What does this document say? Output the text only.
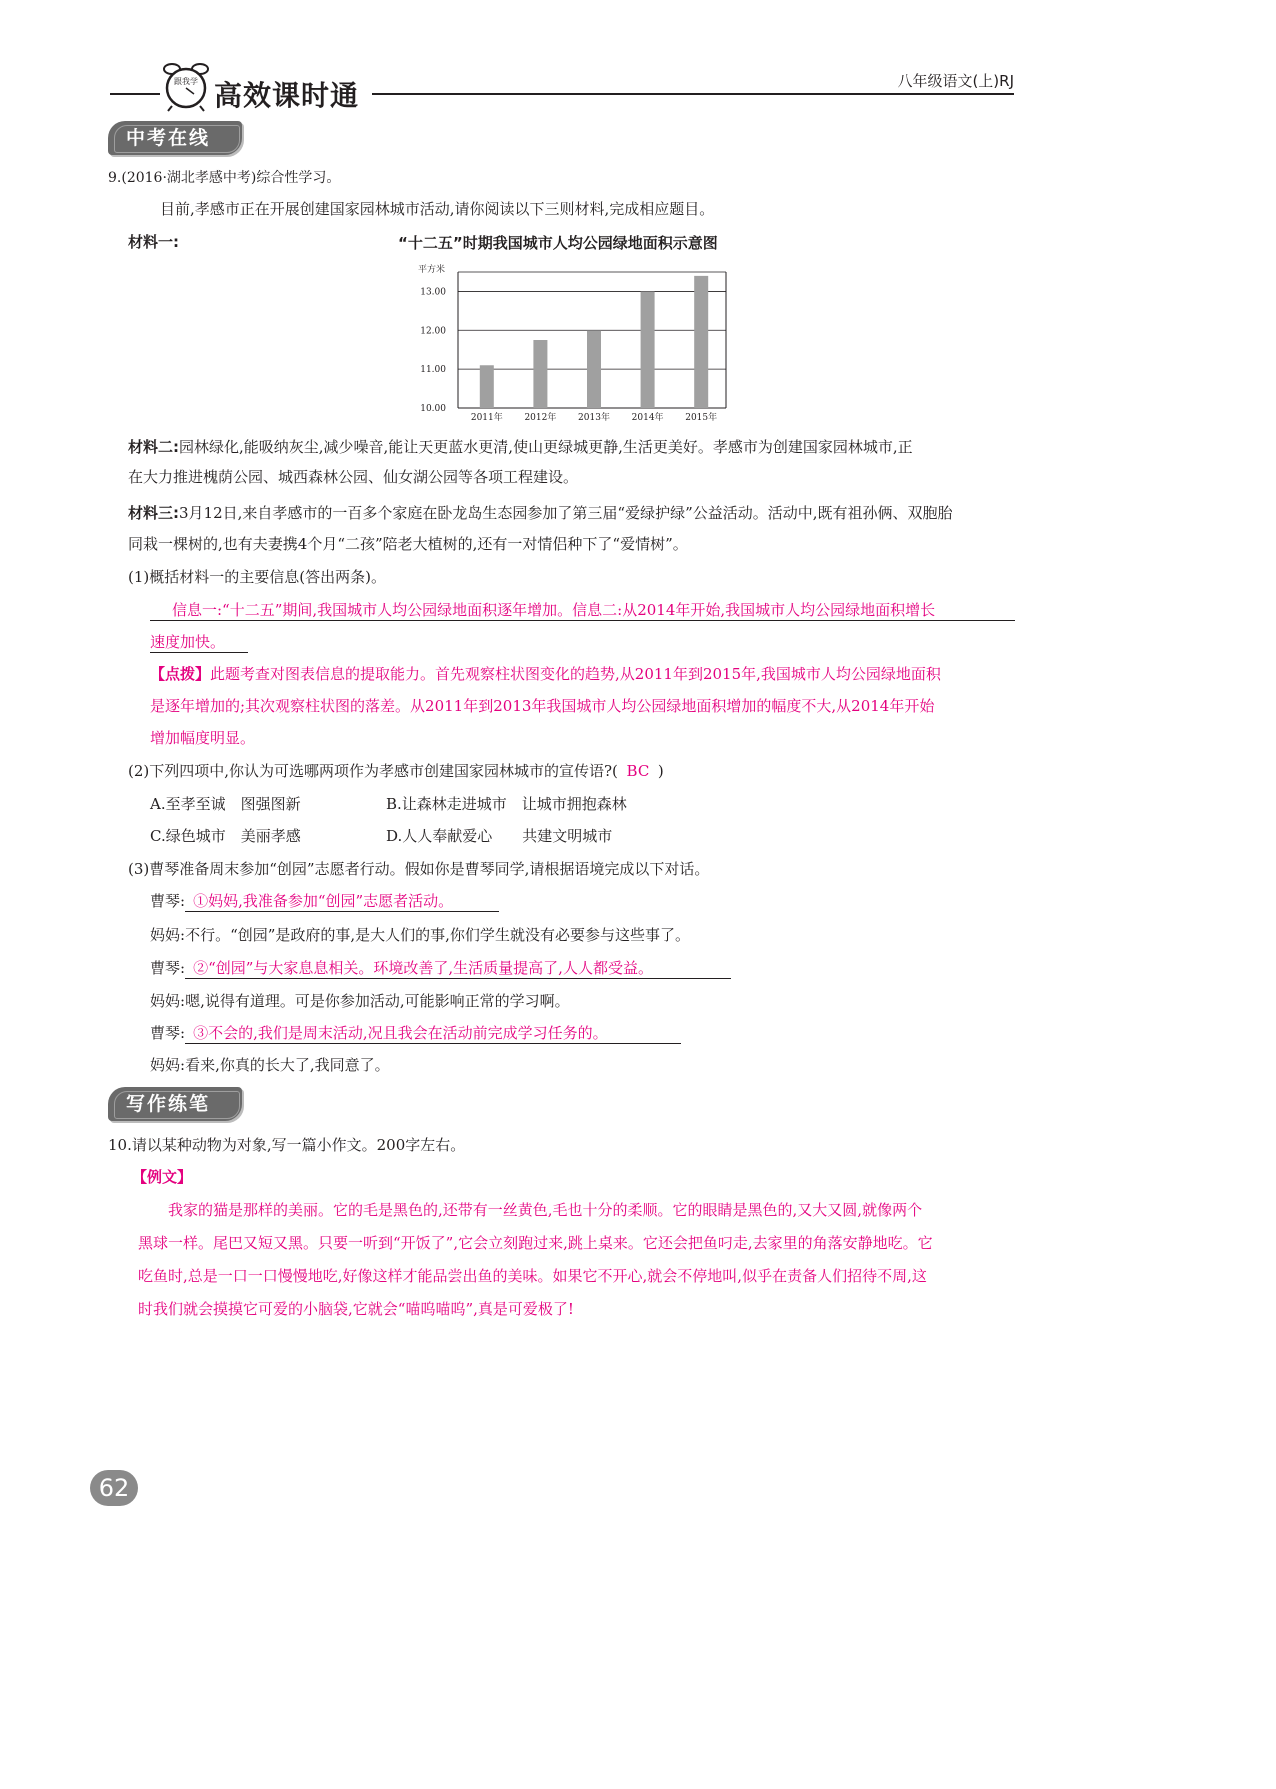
跟我学 高效课时通	八年级语文(上)RJ
中考在线
9.(2016·湖北孝感中考)综合性学习。
目前,孝感市正在开展创建国家园林城市活动,请你阅读以下三则材料,完成相应题目。
材料一:	“十二五”时期我国城市人均公园绿地面积示意图
平方米
10.00
11.00
12.00
13.00
2011年 2012年 2013年 2014年 2015年
材料二:园林绿化,能吸纳灰尘,减少噪音,能让天更蓝水更清,使山更绿城更静,生活更美好。孝感市为创建国家园林城市,正
在大力推进槐荫公园、城西森林公园、仙女湖公园等各项工程建设。
材料三:3月12日,来自孝感市的一百多个家庭在卧龙岛生态园参加了第三届“爱绿护绿”公益活动。活动中,既有祖孙俩、双胞胎
同栽一棵树的,也有夫妻携4个月“二孩”陪老大植树的,还有一对情侣种下了“爱情树”。
(1)概括材料一的主要信息(答出两条)。
信息一:“十二五”期间,我国城市人均公园绿地面积逐年增加。信息二:从2014年开始,我国城市人均公园绿地面积增长
速度加快。
【点拨】此题考查对图表信息的提取能力。首先观察柱状图变化的趋势,从2011年到2015年,我国城市人均公园绿地面积
是逐年增加的;其次观察柱状图的落差。从2011年到2013年我国城市人均公园绿地面积增加的幅度不大,从2014年开始
增加幅度明显。
(2)下列四项中,你认为可选哪两项作为孝感市创建国家园林城市的宣传语?( BC )
A.至孝至诚　图强图新	B.让森林走进城市　让城市拥抱森林
C.绿色城市　美丽孝感	D.人人奉献爱心　　共建文明城市
(3)曹琴准备周末参加“创园”志愿者行动。假如你是曹琴同学,请根据语境完成以下对话。
曹琴: ①妈妈,我准备参加“创园”志愿者活动。
妈妈:不行。“创园”是政府的事,是大人们的事,你们学生就没有必要参与这些事了。
曹琴: ②“创园”与大家息息相关。环境改善了,生活质量提高了,人人都受益。
妈妈:嗯,说得有道理。可是你参加活动,可能影响正常的学习啊。
曹琴: ③不会的,我们是周末活动,况且我会在活动前完成学习任务的。
妈妈:看来,你真的长大了,我同意了。
写作练笔
10.请以某种动物为对象,写一篇小作文。200字左右。
【例文】
我家的猫是那样的美丽。它的毛是黑色的,还带有一丝黄色,毛也十分的柔顺。它的眼睛是黑色的,又大又圆,就像两个
黑球一样。尾巴又短又黑。只要一听到“开饭了”,它会立刻跑过来,跳上桌来。它还会把鱼叼走,去家里的角落安静地吃。它
吃鱼时,总是一口一口慢慢地吃,好像这样才能品尝出鱼的美味。如果它不开心,就会不停地叫,似乎在责备人们招待不周,这
时我们就会摸摸它可爱的小脑袋,它就会“喵呜喵呜”,真是可爱极了!
62
